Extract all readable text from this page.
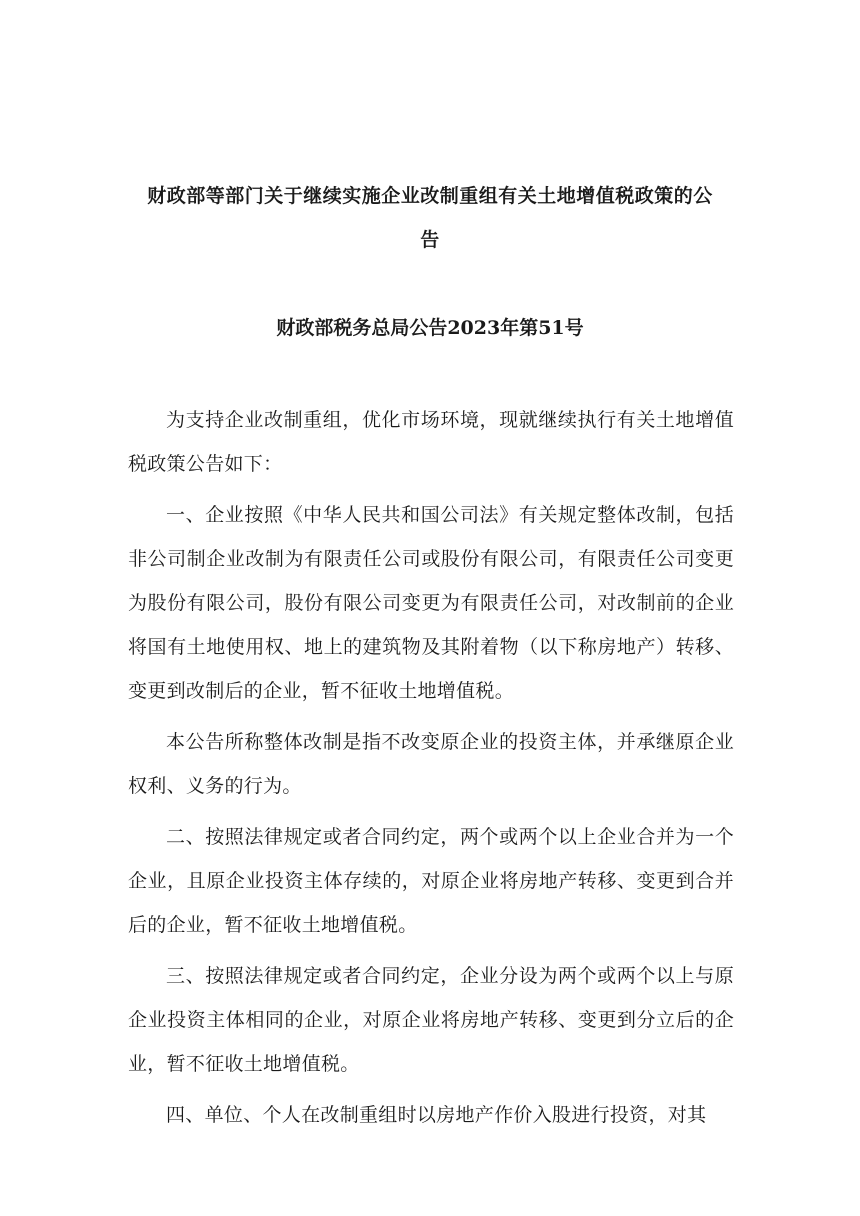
财政部等部门关于继续实施企业改制重组有关土地增值税政策的公
告

财政部税务总局公告2023年第51号

为支持企业改制重组，优化市场环境，现就继续执行有关土地增值税政策公告如下：

一、企业按照《中华人民共和国公司法》有关规定整体改制，包括非公司制企业改制为有限责任公司或股份有限公司，有限责任公司变更为股份有限公司，股份有限公司变更为有限责任公司，对改制前的企业将国有土地使用权、地上的建筑物及其附着物（以下称房地产）转移、变更到改制后的企业，暂不征收土地增值税。

本公告所称整体改制是指不改变原企业的投资主体，并承继原企业权利、义务的行为。

二、按照法律规定或者合同约定，两个或两个以上企业合并为一个企业，且原企业投资主体存续的，对原企业将房地产转移、变更到合并后的企业，暂不征收土地增值税。

三、按照法律规定或者合同约定，企业分设为两个或两个以上与原企业投资主体相同的企业，对原企业将房地产转移、变更到分立后的企业，暂不征收土地增值税。

四、单位、个人在改制重组时以房地产作价入股进行投资，对其
